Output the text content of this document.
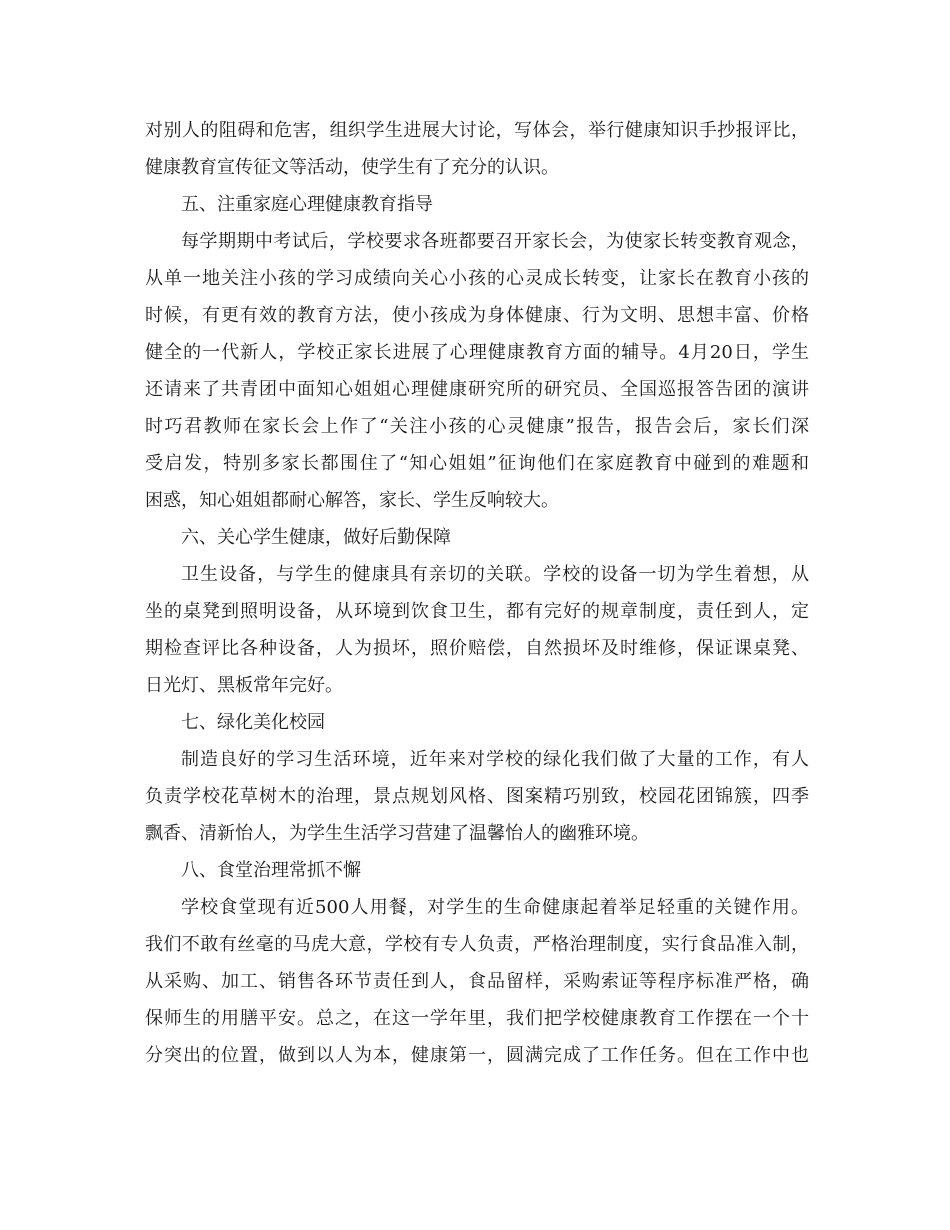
对别人的阻碍和危害，组织学生进展大讨论，写体会，举行健康知识手抄报评比，
健康教育宣传征文等活动，使学生有了充分的认识。
五、注重家庭心理健康教育指导
每学期期中考试后，学校要求各班都要召开家长会，为使家长转变教育观念，
从单一地关注小孩的学习成绩向关心小孩的心灵成长转变，让家长在教育小孩的
时候，有更有效的教育方法，使小孩成为身体健康、行为文明、思想丰富、价格
健全的一代新人，学校正家长进展了心理健康教育方面的辅导。4月20日，学生
还请来了共青团中面知心姐姐心理健康研究所的研究员、全国巡报答告团的演讲
时巧君教师在家长会上作了“关注小孩的心灵健康”报告，报告会后，家长们深
受启发，特别多家长都围住了“知心姐姐”征询他们在家庭教育中碰到的难题和
困惑，知心姐姐都耐心解答，家长、学生反响较大。
六、关心学生健康，做好后勤保障
卫生设备，与学生的健康具有亲切的关联。学校的设备一切为学生着想，从
坐的桌凳到照明设备，从环境到饮食卫生，都有完好的规章制度，责任到人，定
期检查评比各种设备，人为损坏，照价赔偿，自然损坏及时维修，保证课桌凳、
日光灯、黑板常年完好。
七、绿化美化校园
制造良好的学习生活环境，近年来对学校的绿化我们做了大量的工作，有人
负责学校花草树木的治理，景点规划风格、图案精巧别致，校园花团锦簇，四季
飘香、清新怡人，为学生生活学习营建了温馨怡人的幽雅环境。
八、食堂治理常抓不懈
学校食堂现有近500人用餐，对学生的生命健康起着举足轻重的关键作用。
我们不敢有丝毫的马虎大意，学校有专人负责，严格治理制度，实行食品准入制，
从采购、加工、销售各环节责任到人，食品留样，采购索证等程序标准严格，确
保师生的用膳平安。总之，在这一学年里，我们把学校健康教育工作摆在一个十
分突出的位置，做到以人为本，健康第一，圆满完成了工作任务。但在工作中也
